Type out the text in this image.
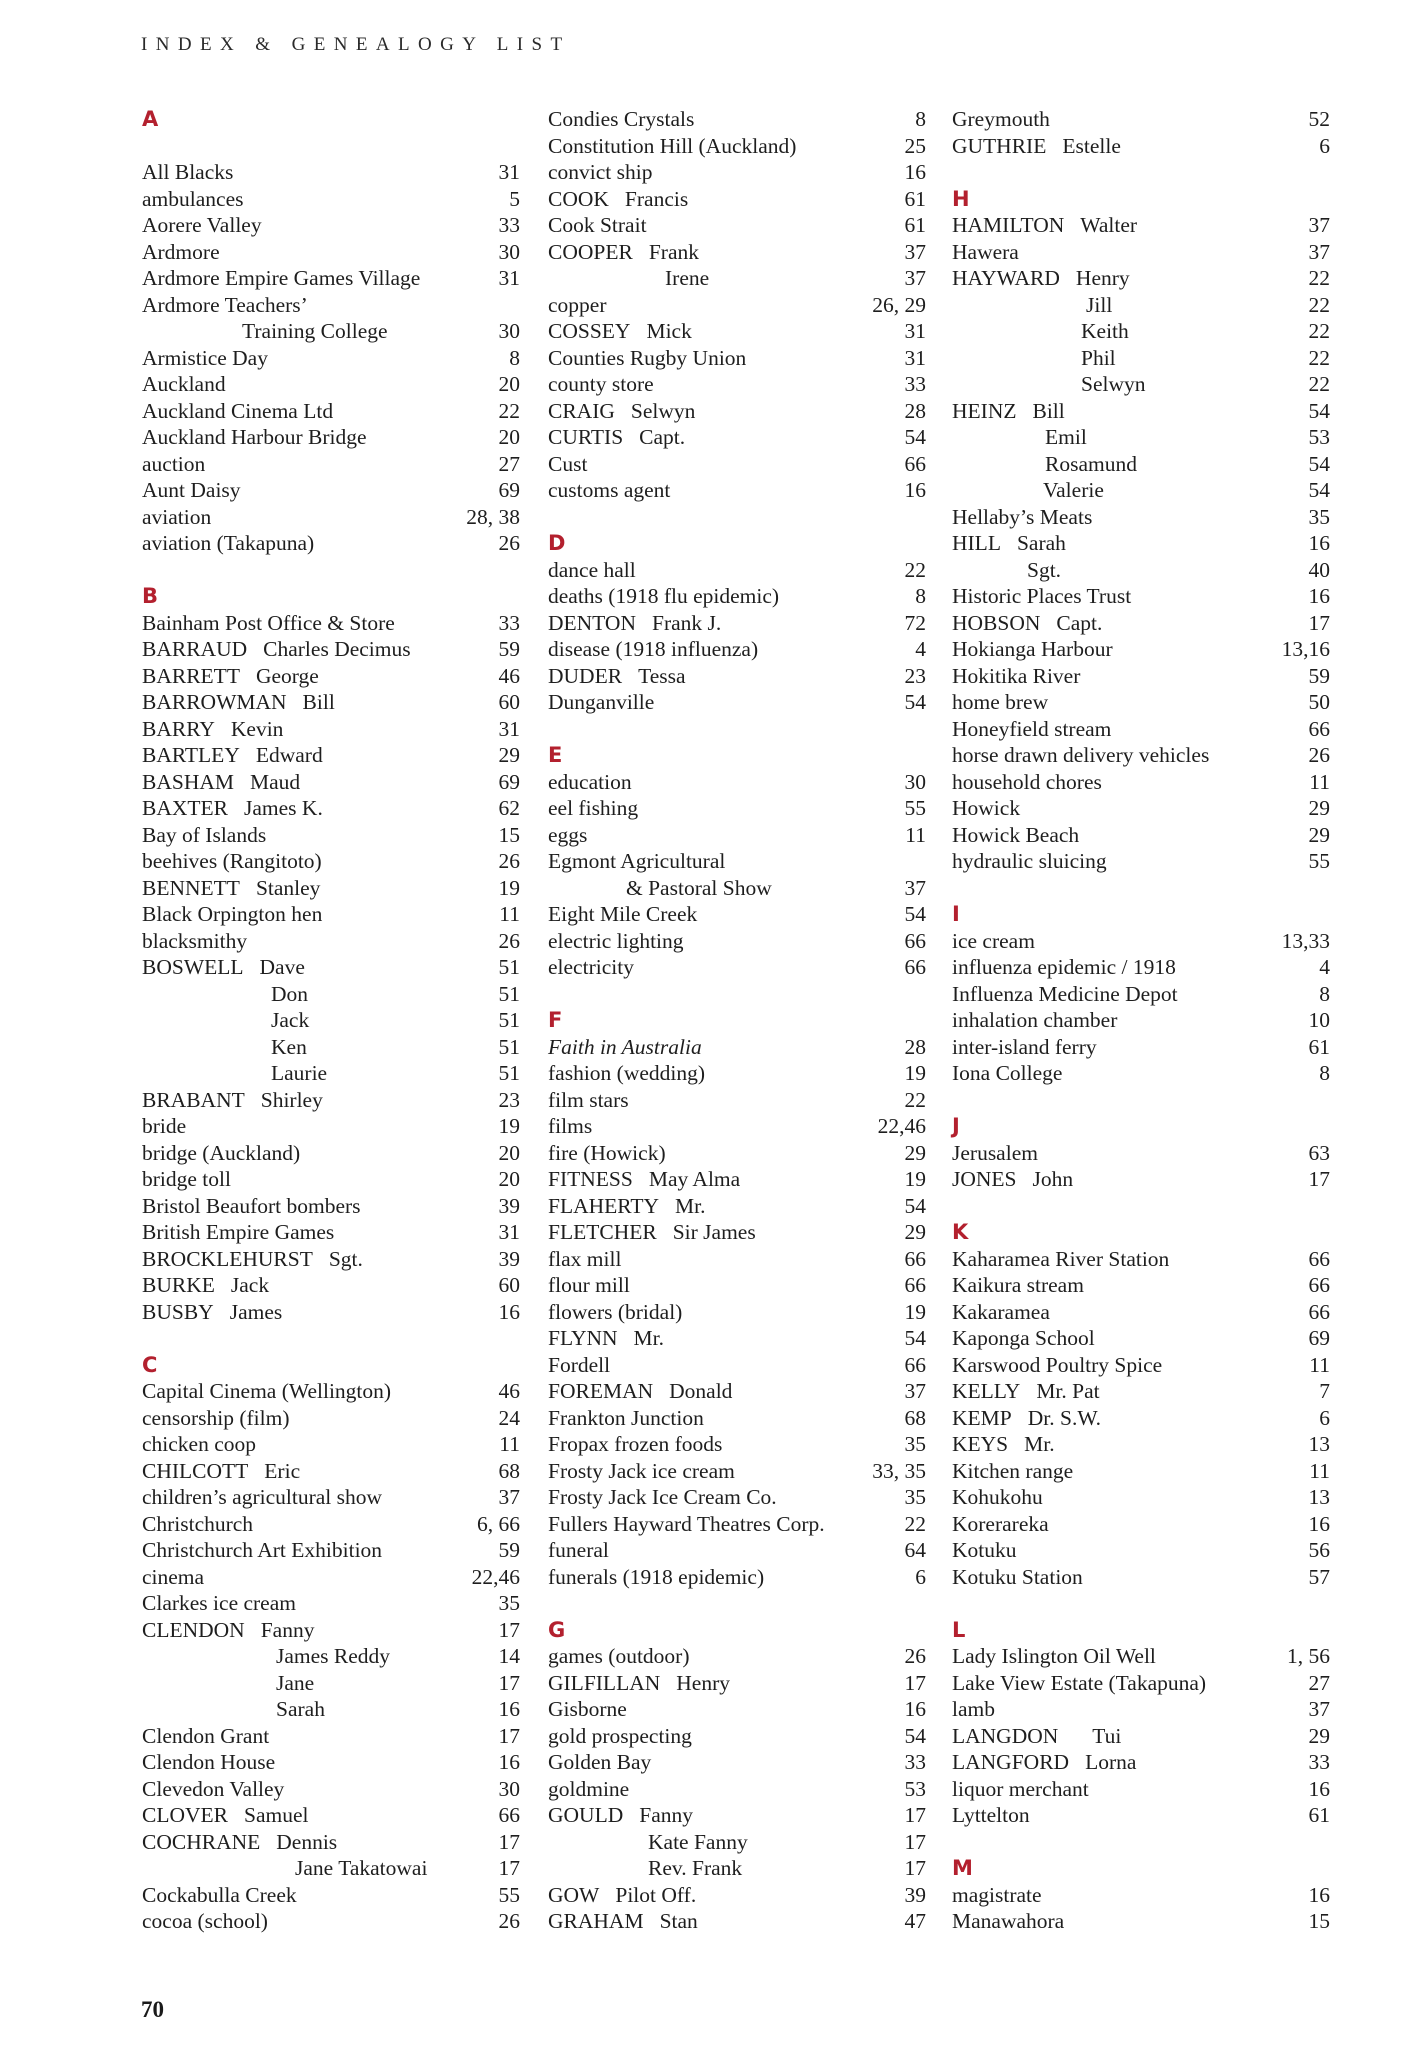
INDEX & GENEALOGY LIST
A
All Blacks	31
ambulances	5
Aorere Valley	33
Ardmore	30
Ardmore Empire Games Village	31
Ardmore Teachers’
Training College	30
Armistice Day	8
Auckland	20
Auckland Cinema Ltd	22
Auckland Harbour Bridge	20
auction	27
Aunt Daisy	69
aviation	28, 38
aviation (Takapuna)	26
B
Bainham Post Office & Store	33
BARRAUD Charles Decimus	59
BARRETT George	46
BARROWMAN Bill	60
BARRY Kevin	31
BARTLEY Edward	29
BASHAM Maud	69
BAXTER James K.	62
Bay of Islands	15
beehives (Rangitoto)	26
BENNETT Stanley	19
Black Orpington hen	11
blacksmithy	26
BOSWELL Dave	51
Don	51
Jack	51
Ken	51
Laurie	51
BRABANT Shirley	23
bride	19
bridge (Auckland)	20
bridge toll	20
Bristol Beaufort bombers	39
British Empire Games	31
BROCKLEHURST Sgt.	39
BURKE Jack	60
BUSBY James	16
C
Capital Cinema (Wellington)	46
censorship (film)	24
chicken coop	11
CHILCOTT Eric	68
children’s agricultural show	37
Christchurch	6, 66
Christchurch Art Exhibition	59
cinema	22,46
Clarkes ice cream	35
CLENDON Fanny	17
James Reddy	14
Jane	17
Sarah	16
Clendon Grant	17
Clendon House	16
Clevedon Valley	30
CLOVER Samuel	66
COCHRANE Dennis	17
Jane Takatowai	17
Cockabulla Creek	55
cocoa (school)	26
Condies Crystals	8
Constitution Hill (Auckland)	25
convict ship	16
COOK Francis	61
Cook Strait	61
COOPER Frank	37
Irene	37
copper	26, 29
COSSEY Mick	31
Counties Rugby Union	31
county store	33
CRAIG Selwyn	28
CURTIS Capt.	54
Cust	66
customs agent	16
D
dance hall	22
deaths (1918 flu epidemic)	8
DENTON Frank J.	72
disease (1918 influenza)	4
DUDER Tessa	23
Dunganville	54
E
education	30
eel fishing	55
eggs	11
Egmont Agricultural
& Pastoral Show	37
Eight Mile Creek	54
electric lighting	66
electricity	66
F
Faith in Australia	28
fashion (wedding)	19
film stars	22
films	22,46
fire (Howick)	29
FITNESS May Alma	19
FLAHERTY Mr.	54
FLETCHER Sir James	29
flax mill	66
flour mill	66
flowers (bridal)	19
FLYNN Mr.	54
Fordell	66
FOREMAN Donald	37
Frankton Junction	68
Fropax frozen foods	35
Frosty Jack ice cream	33, 35
Frosty Jack Ice Cream Co.	35
Fullers Hayward Theatres Corp.	22
funeral	64
funerals (1918 epidemic)	6
G
games (outdoor)	26
GILFILLAN Henry	17
Gisborne	16
gold prospecting	54
Golden Bay	33
goldmine	53
GOULD Fanny	17
Kate Fanny	17
Rev. Frank	17
GOW Pilot Off.	39
GRAHAM Stan	47
Greymouth	52
GUTHRIE Estelle	6
H
HAMILTON Walter	37
Hawera	37
HAYWARD Henry	22
Jill	22
Keith	22
Phil	22
Selwyn	22
HEINZ Bill	54
Emil	53
Rosamund	54
Valerie	54
Hellaby’s Meats	35
HILL Sarah	16
Sgt.	40
Historic Places Trust	16
HOBSON Capt.	17
Hokianga Harbour	13,16
Hokitika River	59
home brew	50
Honeyfield stream	66
horse drawn delivery vehicles	26
household chores	11
Howick	29
Howick Beach	29
hydraulic sluicing	55
I
ice cream	13,33
influenza epidemic / 1918	4
Influenza Medicine Depot	8
inhalation chamber	10
inter-island ferry	61
Iona College	8
J
Jerusalem	63
JONES John	17
K
Kaharamea River Station	66
Kaikura stream	66
Kakaramea	66
Kaponga School	69
Karswood Poultry Spice	11
KELLY Mr. Pat	7
KEMP Dr. S.W.	6
KEYS Mr.	13
Kitchen range	11
Kohukohu	13
Korerareka	16
Kotuku	56
Kotuku Station	57
L
Lady Islington Oil Well	1, 56
Lake View Estate (Takapuna)	27
lamb	37
LANGDON Tui	29
LANGFORD Lorna	33
liquor merchant	16
Lyttelton	61
M
magistrate	16
Manawahora	15
70
